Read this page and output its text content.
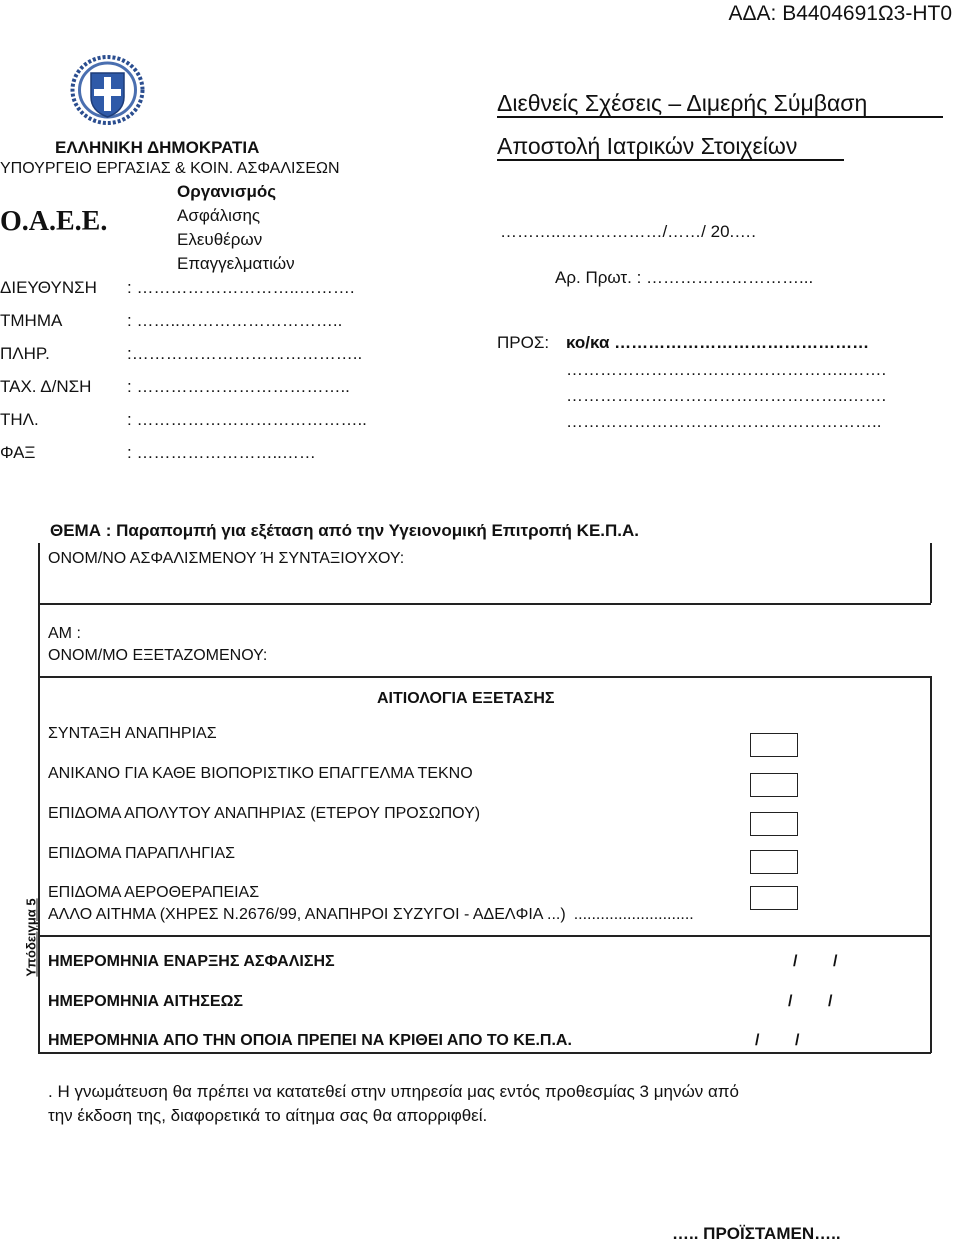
ΑΔΑ: Β4404691Ω3-ΗΤ0
ΕΛΛΗΝΙΚΗ ΔΗΜΟΚΡΑΤΙΑ
ΥΠΟΥΡΓΕΙΟ ΕΡΓΑΣΙΑΣ & ΚΟΙΝ. ΑΣΦΑΛΙΣΕΩΝ
Ο.Α.Ε.Ε.
Οργανισμός
Ασφάλισης
Ελευθέρων
Επαγγελματιών
ΔΙΕΥΘΥΝΣΗ : ………………………..……….
ΤΜΗΜΑ	: ……..………………………..
ΠΛΗΡ.	:…………………………………..
ΤΑΧ. Δ/ΝΣΗ : ………………………………..
ΤΗΛ.	: …………………………………..
ΦΑΞ	: ……………………..……
Διεθνείς Σχέσεις – Διμερής Σύμβαση
Αποστολή Ιατρικών Στοιχείων
………..………………/……/ 20.….
Αρ. Πρωτ. : ………………………...
ΠΡΟΣ: κο/κα ………………………………………
…………………………………………..…….
…………………………………………..…….
………………………………………………..
ΘΕΜΑ : Παραπομπή για εξέταση από την Υγειονομική Επιτροπή ΚΕ.Π.Α.
ΟΝΟΜ/ΝΟ ΑΣΦΑΛΙΣΜΕΝΟΥ Ή ΣΥΝΤΑΞΙΟΥΧΟΥ:
ΑΜ :
ΟΝΟΜ/ΜΟ ΕΞΕΤΑΖΟΜΕΝΟΥ:
ΑΙΤΙΟΛΟΓΙΑ ΕΞΕΤΑΣΗΣ
ΣΥΝΤΑΞΗ ΑΝΑΠΗΡΙΑΣ
ΑΝΙΚΑΝΟ ΓΙΑ ΚΑΘΕ ΒΙΟΠΟΡΙΣΤΙΚΟ ΕΠΑΓΓΕΛΜΑ ΤΕΚΝΟ
ΕΠΙΔΟΜΑ ΑΠΟΛΥΤΟΥ ΑΝΑΠΗΡΙΑΣ (ΕΤΕΡΟΥ ΠΡΟΣΩΠΟΥ)
ΕΠΙΔΟΜΑ ΠΑΡΑΠΛΗΓΙΑΣ
ΕΠΙΔΟΜΑ ΑΕΡΟΘΕΡΑΠΕΙΑΣ
ΑΛΛΟ ΑΙΤΗΜΑ (ΧΗΡΕΣ Ν.2676/99, ΑΝΑΠΗΡΟΙ ΣΥΖΥΓΟΙ - ΑΔΕΛΦΙΑ ...) ...........................
ΗΜΕΡΟΜΗΝΙΑ ΕΝΑΡΞΗΣ ΑΣΦΑΛΙΣΗΣ	/        /
ΗΜΕΡΟΜΗΝΙΑ ΑΙΤΗΣΕΩΣ	/        /
ΗΜΕΡΟΜΗΝΙΑ ΑΠΟ ΤΗΝ ΟΠΟΙΑ ΠΡΕΠΕΙ ΝΑ ΚΡΙΘΕΙ ΑΠΟ ΤΟ ΚΕ.Π.Α.	/        /
Υπόδειγμα 5
. Η γνωμάτευση θα πρέπει να κατατεθεί στην υπηρεσία μας εντός προθεσμίας 3 μηνών από
την έκδοση της, διαφορετικά το αίτημα σας θα απορριφθεί.
….. ΠΡΟΪΣΤΑΜΕΝ…..
